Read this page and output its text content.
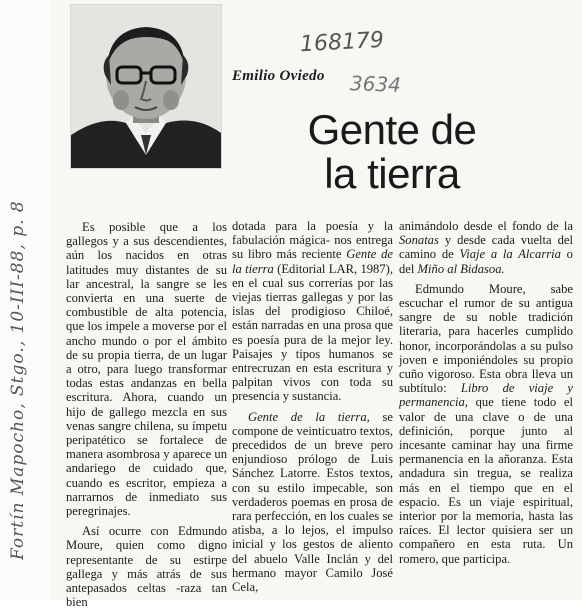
168179
3634
Fortín Mapocho, Stgo., 10-III-88, p. 8
Emilio Oviedo
Gente de
la tierra

Es posible que a los gallegos y a sus descendientes, aún los nacidos en otras latitudes muy distantes de su lar ancestral, la sangre se les convierta en una suerte de combustible de alta potencia, que los impele a moverse por el ancho mundo o por el ámbito de su propia tierra, de un lugar a otro, para luego transformar todas estas andanzas en bella escritura. Ahora, cuando un hijo de gallego mezcla en sus venas sangre chilena, su ímpetu peripatético se fortalece de manera asombrosa y aparece un andariego de cuidado que, cuando es escritor, empieza a narrarnos de inmediato sus peregrinajes.

Así ocurre con Edmundo Moure, quien como digno representante de su estirpe gallega y más atrás de sus antepasados celtas -raza tan bien

dotada para la poesía y la fabulación mágica- nos entrega su libro más reciente Gente de la tierra (Editorial LAR, 1987), en el cual sus correrías por las viejas tierras gallegas y por las islas del prodigioso Chiloé, están narradas en una prosa que es poesía pura de la mejor ley. Paisajes y tipos humanos se entrecruzan en esta escritura y palpitan vivos con toda su presencia y sustancia.

Gente de la tierra, se compone de veinticuatro textos, precedidos de un breve pero enjundioso prólogo de Luis Sánchez Latorre. Estos textos, con su estilo impecable, son verdaderos poemas en prosa de rara perfección, en los cuales se atisba, a lo lejos, el impulso inicial y los gestos de aliento del abuelo Valle Inclán y del hermano mayor Camilo José Cela,

animándolo desde el fondo de la Sonatas y desde cada vuelta del camino de Viaje a la Alcarria o del Miño al Bidasoa.

Edmundo Moure, sabe escuchar el rumor de su antigua sangre de su noble tradición literaria, para hacerles cumplido honor, incorporándolas a su pulso joven e imponiéndoles su propio cuño vigoroso. Esta obra lleva un subtítulo: Libro de viaje y permanencia, que tiene todo el valor de una clave o de una definición, porque junto al incesante caminar hay una firme permanencia en la añoranza. Esta andadura sin tregua, se realiza más en el tiempo que en el espacio. Es un viaje espiritual, interior por la memoria, hasta las raíces. El lector quisiera ser un compañero en esta ruta. Un romero, que participa.
